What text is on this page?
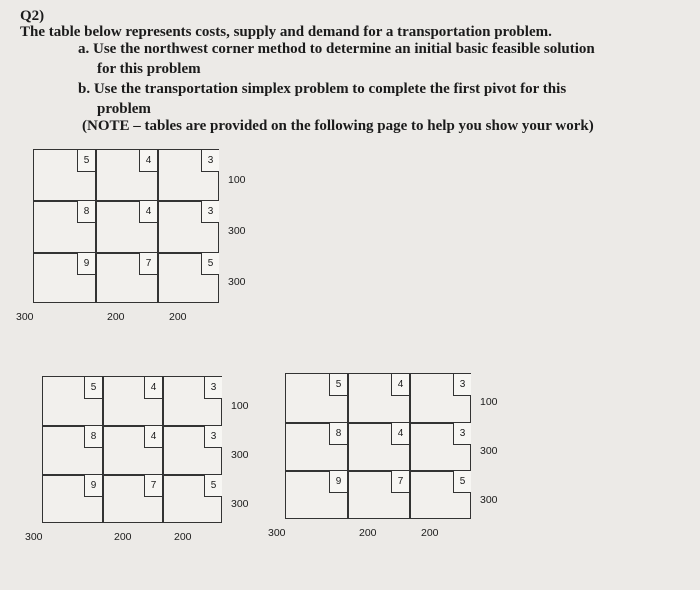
Q2)
The table below represents costs, supply and demand for a transportation problem.
a. Use the northwest corner method to determine an initial basic feasible solution
for this problem
b. Use the transportation simplex problem to complete the first pivot for this
problem
(NOTE – tables are provided on the following page to help you show your work)
5	4	3
100
8	4	3
300
9	7	5
300
300	200	200
5	4	3
100
8	4	3
300
9	7	5
300
300	200	200
5	4	3
100
8	4	3
300
9	7	5
300
300	200	200
